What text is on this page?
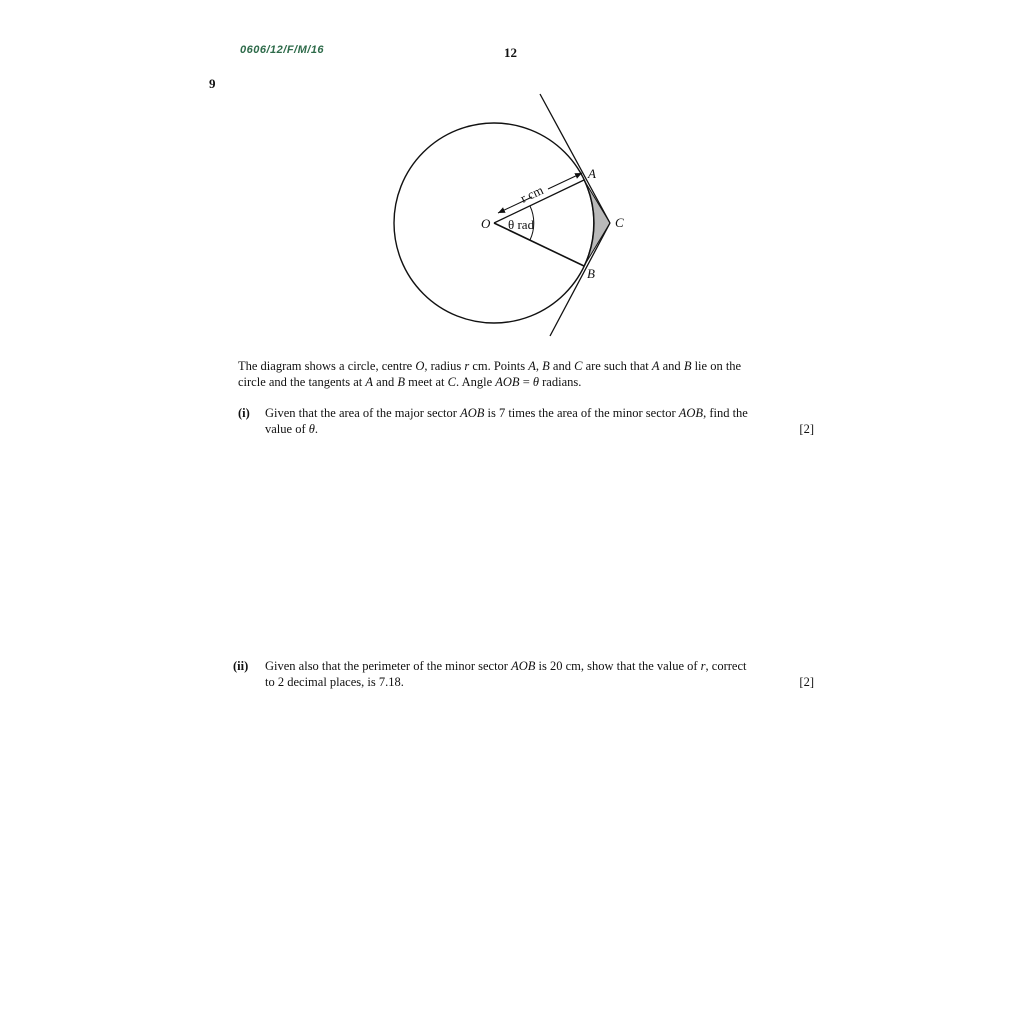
0606/12/F/M/16	12
9
O
A
B
C
r cm
θ rad
The diagram shows a circle, centre O, radius r cm. Points A, B and C are such that A and B lie on the
circle and the tangents at A and B meet at C. Angle AOB = θ radians.
(i) Given that the area of the major sector AOB is 7 times the area of the minor sector AOB, find the
value of θ.	[2]
(ii) Given also that the perimeter of the minor sector AOB is 20 cm, show that the value of r, correct
to 2 decimal places, is 7.18.	[2]
